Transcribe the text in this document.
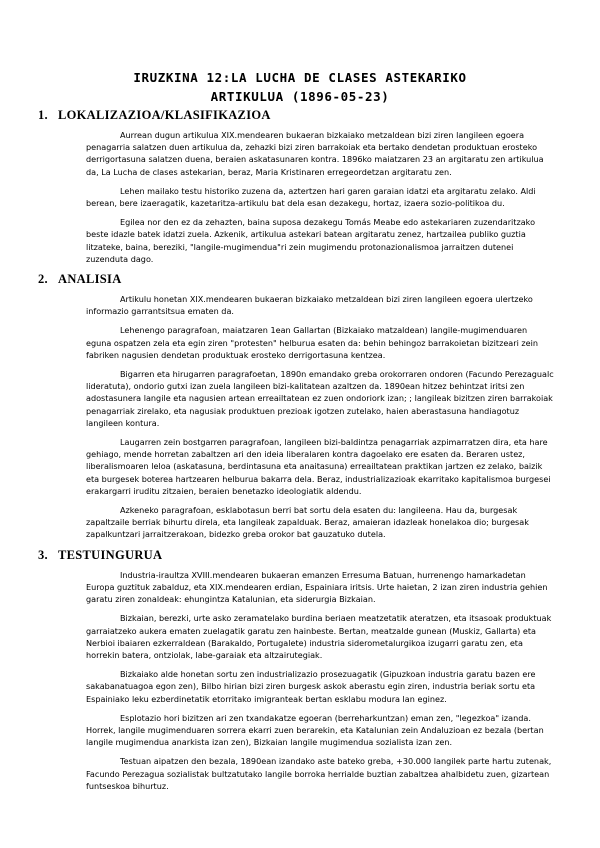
IRUZKINA 12:LA LUCHA DE CLASES ASTEKARIKO
ARTIKULUA (1896-05-23)
1. LOKALIZAZIOA/KLASIFIKAZIOA

Aurrean dugun artikulua XIX.mendearen bukaeran bizkaiako metzaldean bizi ziren langileen egoera penagarria salatzen duen artikulua da, zehazki bizi ziren barrakoiak eta bertako dendetan produktuan erosteko derrigortasuna salatzen duena, beraien askatasunaren kontra. 1896ko maiatzaren 23 an argitaratu zen artikulua da, La Lucha de clases astekarian, beraz, Maria Kristinaren erregeordetzan argitaratu zen.

Lehen mailako testu historiko zuzena da, aztertzen hari garen garaian idatzi eta argitaratu zelako. Aldi berean, bere izaeragatik, kazetaritza-artikulu bat dela esan dezakegu, hortaz, izaera sozio-politikoa du.

Egilea nor den ez da zehazten, baina suposa dezakegu Tomás Meabe edo astekariaren zuzendaritzako beste idazle batek idatzi zuela. Azkenik, artikulua astekari batean argitaratu zenez, hartzailea publiko guztia litzateke, baina, bereziki, "langile-mugimendua"ri zein mugimendu protonazionalismoa jarraitzen dutenei zuzenduta dago.

2. ANALISIA

Artikulu honetan XIX.mendearen bukaeran bizkaiako metzaldean bizi ziren langileen egoera ulertzeko informazio garrantsitsua ematen da.

Lehenengo paragrafoan, maiatzaren 1ean Gallartan (Bizkaiako matzaldean) langile-mugimenduaren eguna ospatzen zela eta egin ziren "protesten" helburua esaten da: behin behingoz barrakoietan bizitzeari zein fabriken nagusien dendetan produktuak erosteko derrigortasuna kentzea.

Bigarren eta hirugarren paragrafoetan, 1890n emandako greba orokorraren ondoren (Facundo Perezagualc lideratuta), ondorio gutxi izan zuela langileen bizi-kalitatean azaltzen da. 1890ean hitzez behintzat iritsi zen adostasunera langile eta nagusien artean erreailtatean ez zuen ondoriork izan; ; langileak bizitzen ziren barrakoiak penagarriak zirelako, eta nagusiak produktuen prezioak igotzen zutelako, haien aberastasuna handiagotuz langileen kontura.

Laugarren zein bostgarren paragrafoan, langileen bizi-baldintza penagarriak azpimarratzen dira, eta hare gehiago, mende horretan zabaltzen ari den ideia liberalaren kontra dagoelako ere esaten da. Beraren ustez, liberalismoaren leloa (askatasuna, berdintasuna eta anaitasuna) erreailtatean praktikan jartzen ez zelako, baizik eta burgesek boterea hartzearen helburua bakarra dela. Beraz, industrializazioak ekarritako kapitalismoa burgesei erakargarri iruditu zitzaien, beraien benetazko ideologiatik aldendu.

Azkeneko paragrafoan, esklabotasun berri bat sortu dela esaten du: langileena. Hau da, burgesak zapaltzaile berriak bihurtu direla, eta langileak zapalduak. Beraz, amaieran idazleak honelakoa dio; burgesak zapalkuntzari jarraitzerakoan, bidezko greba orokor bat gauzatuko dutela.

3. TESTUINGURUA

Industria-iraultza XVIII.mendearen bukaeran emanzen Erresuma Batuan, hurrenengo hamarkadetan Europa guztituk zabalduz, eta XIX.mendearen erdian, Espainiara iritsis. Urte haietan, 2 izan ziren industria gehien garatu ziren zonaldeak: ehungintza Katalunian, eta siderurgia Bizkaian.

Bizkaian, berezki, urte asko zeramatelako burdina beriaen meatzetatik ateratzen, eta itsasoak produktuak garraiatzeko aukera ematen zuelagatik garatu zen hainbeste. Bertan, meatzalde gunean (Muskiz, Gallarta) eta Nerbioi ibaiaren ezkerraldean (Barakaldo, Portugalete) industria siderometalurgikoa izugarri garatu zen, eta horrekin batera, ontziolak, labe-garaiak eta altzairutegiak.

Bizkaiako alde honetan sortu zen industrializazio prosezuagatik (Gipuzkoan industria garatu bazen ere sakabanatuagoa egon zen), Bilbo hirian bizi ziren burgesk askok aberastu egin ziren, industria beriak sortu eta Espainiako leku ezberdinetatik etorritako imigranteak bertan esklabu modura lan eginez.

Esplotazio hori bizitzen ari zen txandakatze egoeran (berreharkuntzan) eman zen, "legezkoa" izanda. Horrek, langile mugimenduaren sorrera ekarri zuen berarekin, eta Katalunian zein Andaluzioan ez bezala (bertan langile mugimendua anarkista izan zen), Bizkaian langile mugimendua sozialista izan zen.

Testuan aipatzen den bezala, 1890ean izandako aste bateko greba, +30.000 langilek parte hartu zutenak, Facundo Perezagua sozialistak bultzatutako langile borroka herrialde buztian zabaltzea ahalbidetu zuen, gizartean funtseskoa bihurtuz.
